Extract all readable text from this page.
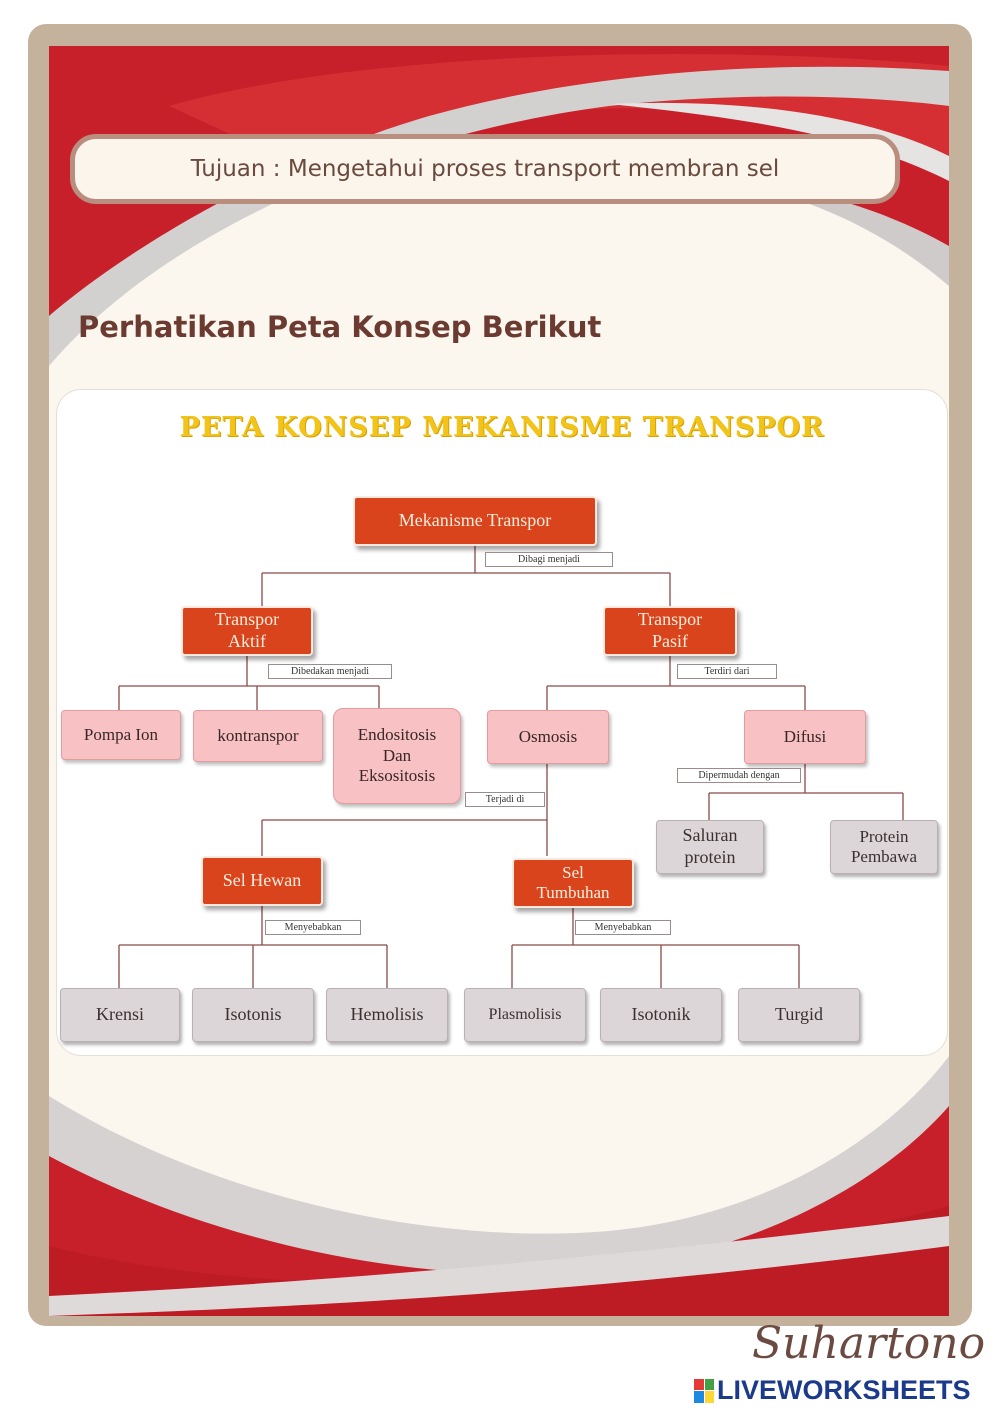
Tujuan : Mengetahui proses transport membran sel
Perhatikan Peta Konsep Berikut
PETA KONSEP MEKANISME TRANSPOR
Mekanisme Transpor
Dibagi menjadi
Transpor
Aktif
Transpor
Pasif
Dibedakan menjadi	Terdiri dari
Pompa Ion	kontranspor	Endositosis
Dan
Eksositosis
Osmosis	Difusi
Terjadi di
Dipermudah dengan
Saluran
protein
Protein
Pembawa
Sel Hewan	Sel
Tumbuhan
Menyebabkan	Menyebabkan
Krensi	Isotonis	Hemolisis	Plasmolisis	Isotonik	Turgid
Suhartono
LIVEWORKSHEETS
